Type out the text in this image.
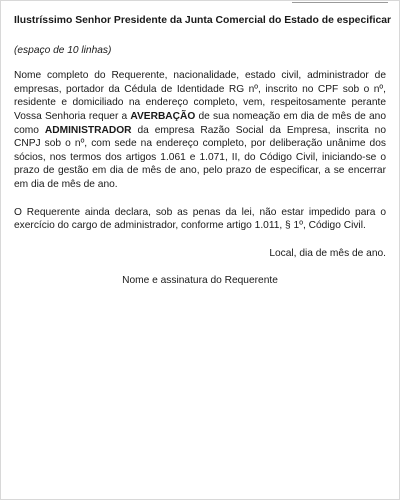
Ilustríssimo Senhor Presidente da Junta Comercial do Estado de especificar

(espaço de 10 linhas)

Nome completo do Requerente, nacionalidade, estado civil, administrador de empresas, portador da Cédula de Identidade RG nº, inscrito no CPF sob o nº, residente e domiciliado na endereço completo, vem, respeitosamente perante Vossa Senhoria requer a AVERBAÇÃO de sua nomeação em dia de mês de ano como ADMINISTRADOR da empresa Razão Social da Empresa, inscrita no CNPJ sob o nº, com sede na endereço completo, por deliberação unânime dos sócios, nos termos dos artigos 1.061 e 1.071, II, do Código Civil, iniciando-se o prazo de gestão em dia de mês de ano, pelo prazo de especificar, a se encerrar em dia de mês de ano.

O Requerente ainda declara, sob as penas da lei, não estar impedido para o exercício do cargo de administrador, conforme artigo 1.011, § 1º, Código Civil.

Local, dia de mês de ano.

Nome e assinatura do Requerente
